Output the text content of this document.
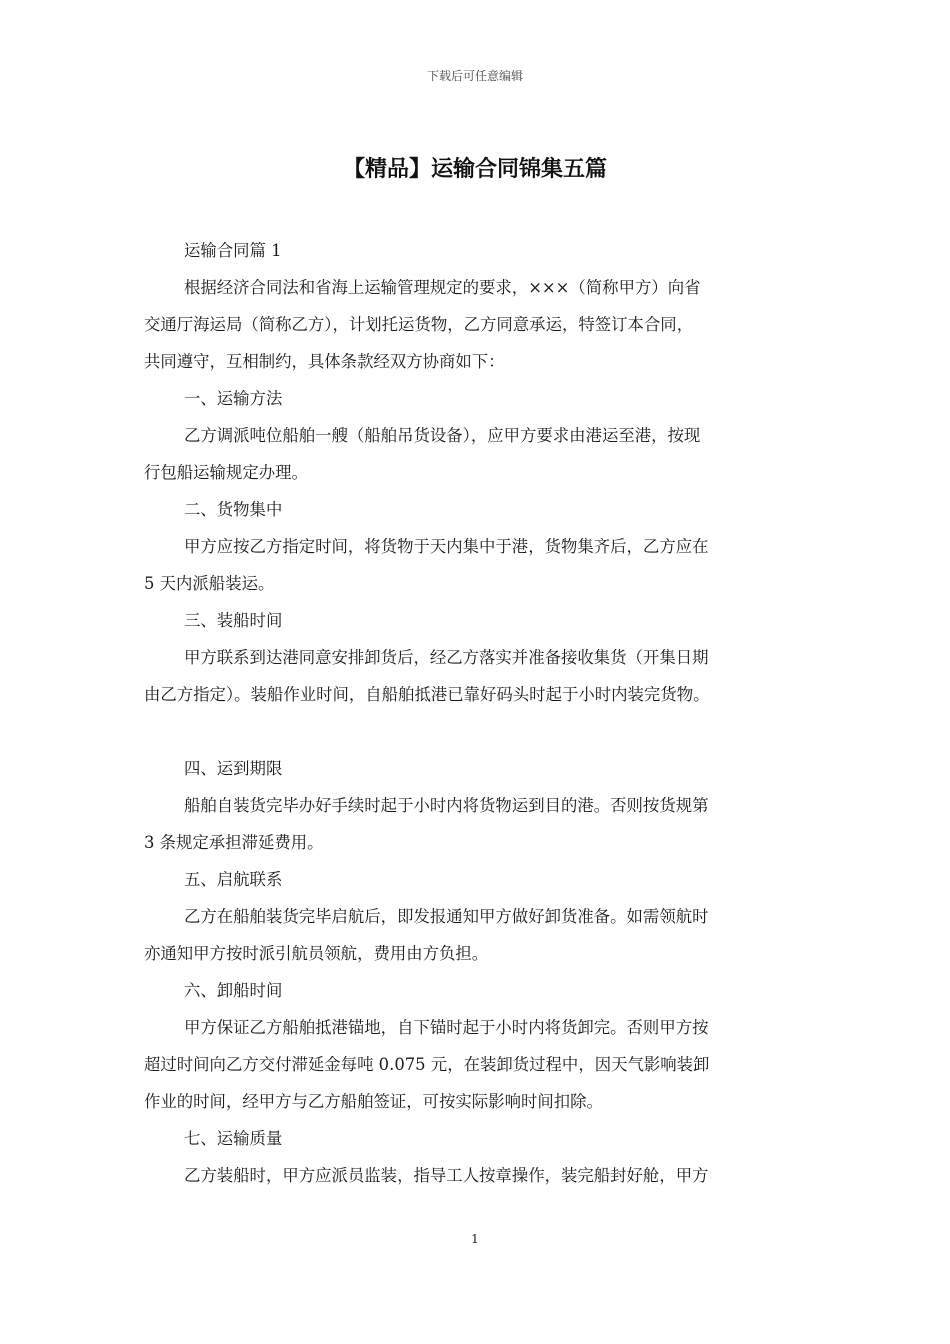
下载后可任意编辑
【精品】运输合同锦集五篇
运输合同篇 1
根据经济合同法和省海上运输管理规定的要求，×××（简称甲方）向省
交通厅海运局（简称乙方），计划托运货物，乙方同意承运，特签订本合同，
共同遵守，互相制约，具体条款经双方协商如下：
一、运输方法
乙方调派吨位船舶一艘（船舶吊货设备），应甲方要求由港运至港，按现
行包船运输规定办理。
二、货物集中
甲方应按乙方指定时间，将货物于天内集中于港，货物集齐后，乙方应在
5 天内派船装运。
三、装船时间
甲方联系到达港同意安排卸货后，经乙方落实并准备接收集货（开集日期
由乙方指定）。装船作业时间，自船舶抵港已靠好码头时起于小时内装完货物。
四、运到期限
船舶自装货完毕办好手续时起于小时内将货物运到目的港。否则按货规第
3 条规定承担滞延费用。
五、启航联系
乙方在船舶装货完毕启航后，即发报通知甲方做好卸货准备。如需领航时
亦通知甲方按时派引航员领航，费用由方负担。
六、卸船时间
甲方保证乙方船舶抵港锚地，自下锚时起于小时内将货卸完。否则甲方按
超过时间向乙方交付滞延金每吨 0.075 元，在装卸货过程中，因天气影响装卸
作业的时间，经甲方与乙方船舶签证，可按实际影响时间扣除。
七、运输质量
乙方装船时，甲方应派员监装，指导工人按章操作，装完船封好舱，甲方
1
